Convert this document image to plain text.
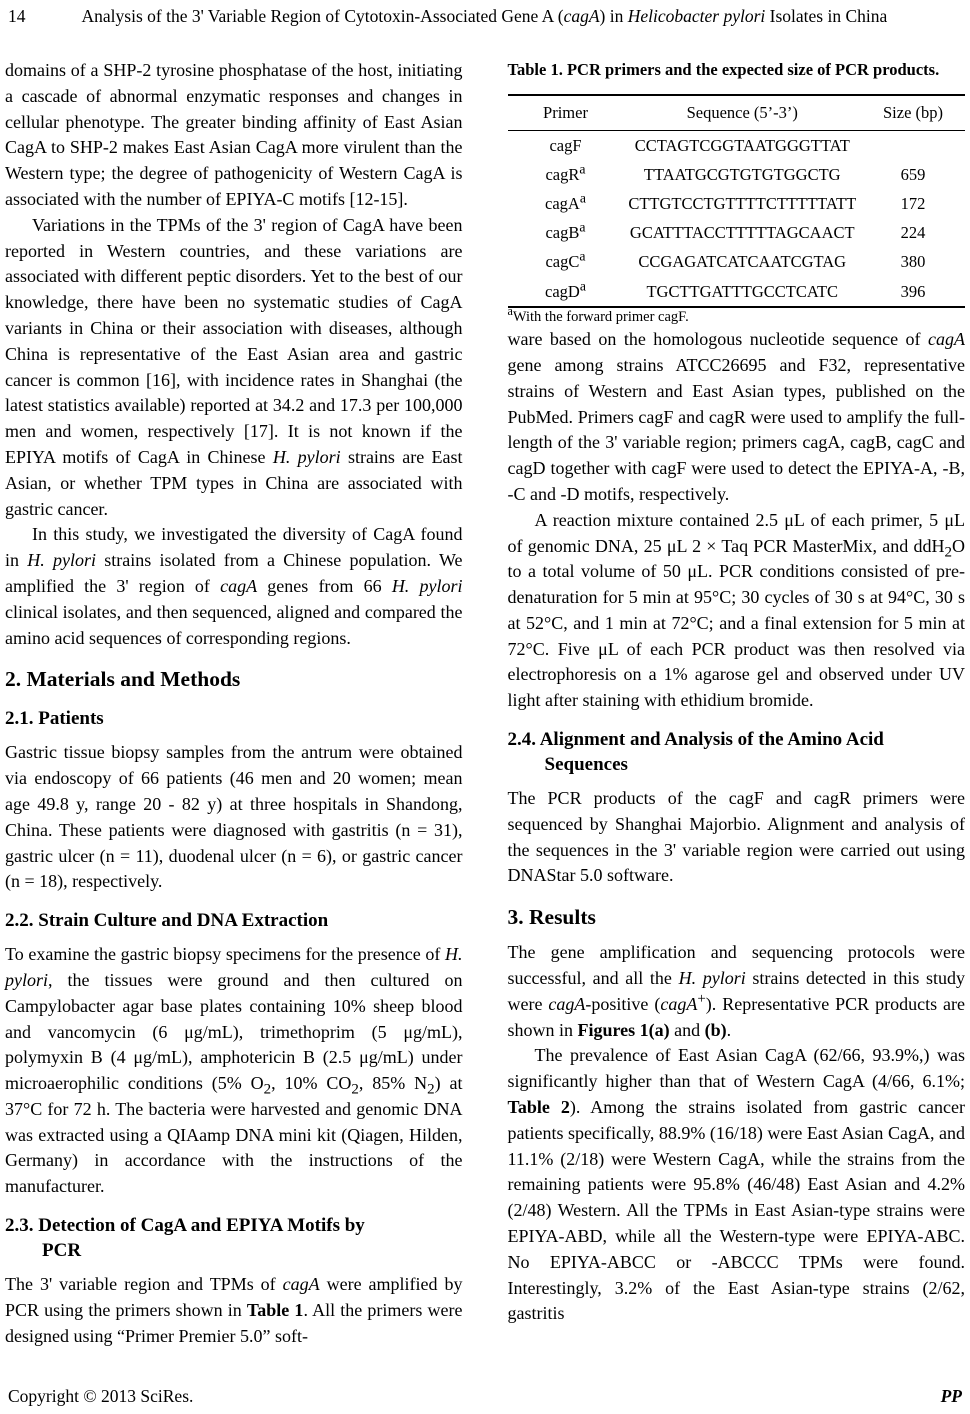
14	Analysis of the 3' Variable Region of Cytotoxin-Associated Gene A (cagA) in Helicobacter pylori Isolates in China

domains of a SHP-2 tyrosine phosphatase of the host, initiating a cascade of abnormal enzymatic responses and changes in cellular phenotype. The greater binding affinity of East Asian CagA to SHP-2 makes East Asian CagA more virulent than the Western type; the degree of pathogenicity of Western CagA is associated with the number of EPIYA-C motifs [12-15].

Variations in the TPMs of the 3' region of CagA have been reported in Western countries, and these variations are associated with different peptic disorders. Yet to the best of our knowledge, there have been no systematic studies of CagA variants in China or their association with diseases, although China is representative of the East Asian area and gastric cancer is common [16], with incidence rates in Shanghai (the latest statistics available) reported at 34.2 and 17.3 per 100,000 men and women, respectively [17]. It is not known if the EPIYA motifs of CagA in Chinese H. pylori strains are East Asian, or whether TPM types in China are associated with gastric cancer.

In this study, we investigated the diversity of CagA found in H. pylori strains isolated from a Chinese population. We amplified the 3' region of cagA genes from 66 H. pylori clinical isolates, and then sequenced, aligned and compared the amino acid sequences of corresponding regions.

2. Materials and Methods
2.1. Patients

Gastric tissue biopsy samples from the antrum were obtained via endoscopy of 66 patients (46 men and 20 women; mean age 49.8 y, range 20 - 82 y) at three hospitals in Shandong, China. These patients were diagnosed with gastritis (n = 31), gastric ulcer (n = 11), duodenal ulcer (n = 6), or gastric cancer (n = 18), respectively.

2.2. Strain Culture and DNA Extraction

To examine the gastric biopsy specimens for the presence of H. pylori, the tissues were ground and then cultured on Campylobacter agar base plates containing 10% sheep blood and vancomycin (6 μg/mL), trimethoprim (5 μg/mL), polymyxin B (4 μg/mL), amphotericin B (2.5 μg/mL) under microaerophilic conditions (5% $O_2$, 10% $CO_2$, 85% $N_2$) at 37°C for 72 h. The bacteria were harvested and genomic DNA was extracted using a QIAamp DNA mini kit (Qiagen, Hilden, Germany) in accordance with the instructions of the manufacturer.

2.3. Detection of CagA and EPIYA Motifs by
PCR

The 3' variable region and TPMs of cagA were amplified by PCR using the primers shown in Table 1. All the primers were designed using “Primer Premier 5.0” soft-

Table 1. PCR primers and the expected size of PCR products.

Primer	Sequence (5’-3’)	Size (bp)
cagF	CCTAGTCGGTAATGGGTTAT	
cagR$^a$	TTAATGCGTGTGTGGCTG	659
cagA$^a$	CTTGTCCTGTTTTCTTTTTATT	172
cagB$^a$	GCATTTACCTTTTTAGCAACT	224
cagC$^a$	CCGAGATCATCAATCGTAG	380
cagD$^a$	TGCTTGATTTGCCTCATC	396

$^a$With the forward primer cagF.

ware based on the homologous nucleotide sequence of cagA gene among strains ATCC26695 and F32, representative strains of Western and East Asian types, published on the PubMed. Primers cagF and cagR were used to amplify the full-length of the 3' variable region; primers cagA, cagB, cagC and cagD together with cagF were used to detect the EPIYA-A, -B, -C and -D motifs, respectively.

A reaction mixture contained 2.5 μL of each primer, 5 μL of genomic DNA, 25 μL 2 × Taq PCR MasterMix, and ddH$_2$O to a total volume of 50 μL. PCR conditions consisted of pre-denaturation for 5 min at 95°C; 30 cycles of 30 s at 94°C, 30 s at 52°C, and 1 min at 72°C; and a final extension for 5 min at 72°C. Five μL of each PCR product was then resolved via electrophoresis on a 1% agarose gel and observed under UV light after staining with ethidium bromide.

2.4. Alignment and Analysis of the Amino Acid
Sequences

The PCR products of the cagF and cagR primers were sequenced by Shanghai Majorbio. Alignment and analysis of the sequences in the 3' variable region were carried out using DNAStar 5.0 software.

3. Results

The gene amplification and sequencing protocols were successful, and all the H. pylori strains detected in this study were cagA-positive (cagA+). Representative PCR products are shown in Figures 1(a) and (b).

The prevalence of East Asian CagA (62/66, 93.9%,) was significantly higher than that of Western CagA (4/66, 6.1%; Table 2). Among the strains isolated from gastric cancer patients specifically, 88.9% (16/18) were East Asian CagA, and 11.1% (2/18) were Western CagA, while the strains from the remaining patients were 95.8% (46/48) East Asian and 4.2% (2/48) Western. All the TPMs in East Asian-type strains were EPIYA-ABD, while all the Western-type were EPIYA-ABC. No EPIYA-ABCC or -ABCCC TPMs were found. Interestingly, 3.2% of the East Asian-type strains (2/62, gastritis

Copyright © 2013 SciRes.	PP
